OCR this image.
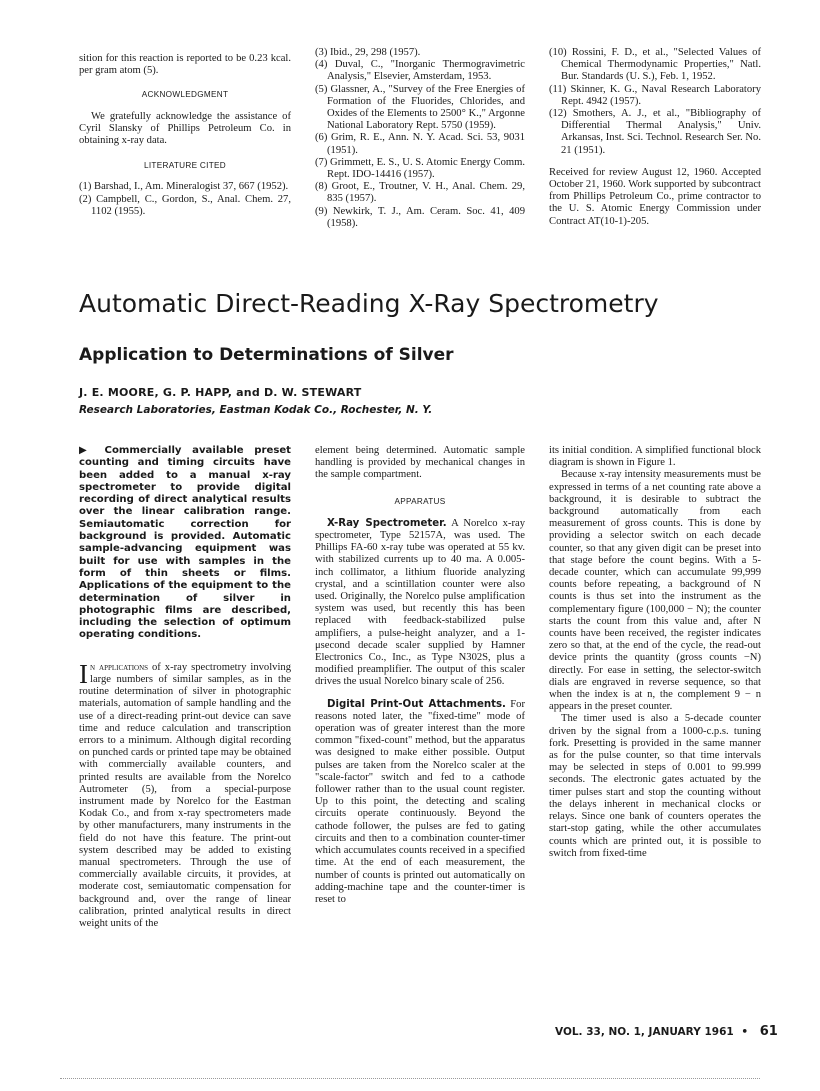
sition for this reaction is reported to be 0.23 kcal. per gram atom (5).

ACKNOWLEDGMENT

We gratefully acknowledge the assistance of Cyril Slansky of Phillips Petroleum Co. in obtaining x-ray data.

LITERATURE CITED

(1) Barshad, I., Am. Mineralogist 37, 667 (1952).

(2) Campbell, C., Gordon, S., Anal. Chem. 27, 1102 (1955).

(3) Ibid., 29, 298 (1957).

(4) Duval, C., "Inorganic Thermogravimetric Analysis," Elsevier, Amsterdam, 1953.

(5) Glassner, A., "Survey of the Free Energies of Formation of the Fluorides, Chlorides, and Oxides of the Elements to 2500° K.," Argonne National Laboratory Rept. 5750 (1959).

(6) Grim, R. E., Ann. N. Y. Acad. Sci. 53, 9031 (1951).

(7) Grimmett, E. S., U. S. Atomic Energy Comm. Rept. IDO-14416 (1957).

(8) Groot, E., Troutner, V. H., Anal. Chem. 29, 835 (1957).

(9) Newkirk, T. J., Am. Ceram. Soc. 41, 409 (1958).

(10) Rossini, F. D., et al., "Selected Values of Chemical Thermodynamic Properties," Natl. Bur. Standards (U. S.), Feb. 1, 1952.

(11) Skinner, K. G., Naval Research Laboratory Rept. 4942 (1957).

(12) Smothers, A. J., et al., "Bibliography of Differential Thermal Analysis," Univ. Arkansas, Inst. Sci. Technol. Research Ser. No. 21 (1951).

Received for review August 12, 1960. Accepted October 21, 1960. Work supported by subcontract from Phillips Petroleum Co., prime contractor to the U. S. Atomic Energy Commission under Contract AT(10-1)-205.

Automatic Direct-Reading X-Ray Spectrometry
Application to Determinations of Silver
J. E. MOORE, G. P. HAPP, and D. W. STEWART
Research Laboratories, Eastman Kodak Co., Rochester, N. Y.

▶ Commercially available preset counting and timing circuits have been added to a manual x-ray spectrometer to provide digital recording of direct analytical results over the linear calibration range. Semiautomatic correction for background is provided. Automatic sample-advancing equipment was built for use with samples in the form of thin sheets or films. Applications of the equipment to the determination of silver in photographic films are described, including the selection of optimum operating conditions.

In applications of x-ray spectrometry involving large numbers of similar samples, as in the routine determination of silver in photographic materials, automation of sample handling and the use of a direct-reading print-out device can save time and reduce calculation and transcription errors to a minimum. Although digital recording on punched cards or printed tape may be obtained with commercially available counters, and printed results are available from the Norelco Autrometer (5), from a special-purpose instrument made by Norelco for the Eastman Kodak Co., and from x-ray spectrometers made by other manufacturers, many instruments in the field do not have this feature. The print-out system described may be added to existing manual spectrometers. Through the use of commercially available circuits, it provides, at moderate cost, semiautomatic compensation for background and, over the range of linear calibration, printed analytical results in direct weight units of the

element being determined. Automatic sample handling is provided by mechanical changes in the sample compartment.

APPARATUS

X-Ray Spectrometer. A Norelco x-ray spectrometer, Type 52157A, was used. The Phillips FA-60 x-ray tube was operated at 55 kv. with stabilized currents up to 40 ma. A 0.005-inch collimator, a lithium fluoride analyzing crystal, and a scintillation counter were also used. Originally, the Norelco pulse amplification system was used, but recently this has been replaced with feedback-stabilized pulse amplifiers, a pulse-height analyzer, and a 1-μsecond decade scaler supplied by Hamner Electronics Co., Inc., as Type N302S, plus a modified preamplifier. The output of this scaler drives the usual Norelco binary scale of 256.

Digital Print-Out Attachments. For reasons noted later, the "fixed-time" mode of operation was of greater interest than the more common "fixed-count" method, but the apparatus was designed to make either possible. Output pulses are taken from the Norelco scaler at the "scale-factor" switch and fed to a cathode follower rather than to the usual count register. Up to this point, the detecting and scaling circuits operate continuously. Beyond the cathode follower, the pulses are fed to gating circuits and then to a combination counter-timer which accumulates counts received in a specified time. At the end of each measurement, the number of counts is printed out automatically on adding-machine tape and the counter-timer is reset to

its initial condition. A simplified functional block diagram is shown in Figure 1.

Because x-ray intensity measurements must be expressed in terms of a net counting rate above a background, it is desirable to subtract the background automatically from each measurement of gross counts. This is done by providing a selector switch on each decade counter, so that any given digit can be preset into that stage before the count begins. With a 5-decade counter, which can accumulate 99,999 counts before repeating, a background of N counts is thus set into the instrument as the complementary figure (100,000 − N); the counter starts the count from this value and, after N counts have been received, the register indicates zero so that, at the end of the cycle, the read-out device prints the quantity (gross counts −N) directly. For ease in setting, the selector-switch dials are engraved in reverse sequence, so that when the index is at n, the complement 9 − n appears in the preset counter.

The timer used is also a 5-decade counter driven by the signal from a 1000-c.p.s. tuning fork. Presetting is provided in the same manner as for the pulse counter, so that time intervals may be selected in steps of 0.001 to 99.999 seconds. The electronic gates actuated by the timer pulses start and stop the counting without the delays inherent in mechanical clocks or relays. Since one bank of counters operates the start-stop gating, while the other accumulates counts which are printed out, it is possible to switch from fixed-time

VOL. 33, NO. 1, JANUARY 1961 • 61
